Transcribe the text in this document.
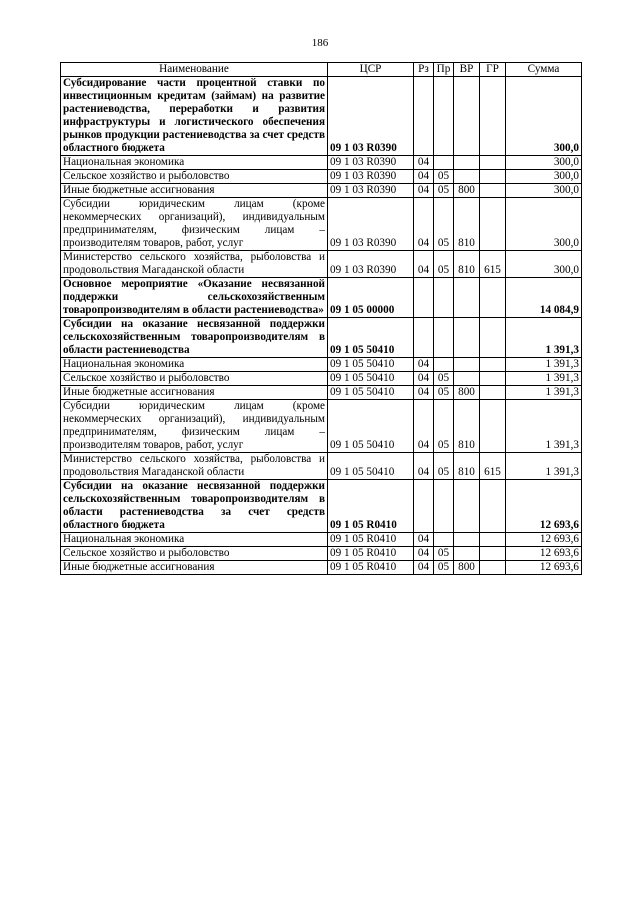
186
Наименование	ЦСР	Рз	Пр	ВР	ГР	Сумма
Субсидирование части процентной ставки по инвестиционным кредитам (займам) на развитие растениеводства, переработки и развития инфраструктуры и логистического обеспечения рынков продукции растениеводства за счет средств областного бюджета	09 1 03 R0390					300,0
Национальная экономика	09 1 03 R0390	04				300,0
Сельское хозяйство и рыболовство	09 1 03 R0390	04	05			300,0
Иные бюджетные ассигнования	09 1 03 R0390	04	05	800		300,0
Субсидии юридическим лицам (кроме некоммерческих организаций), индивидуальным предпринимателям, физическим лицам – производителям товаров, работ, услуг	09 1 03 R0390	04	05	810		300,0
Министерство сельского хозяйства, рыболовства и продовольствия Магаданской области	09 1 03 R0390	04	05	810	615	300,0
Основное мероприятие «Оказание несвязанной поддержки сельскохозяйственным товаропроизводителям в области растениеводства»	09 1 05 00000					14 084,9
Субсидии на оказание несвязанной поддержки сельскохозяйственным товаропроизводителям в области растениеводства	09 1 05 50410					1 391,3
Национальная экономика	09 1 05 50410	04				1 391,3
Сельское хозяйство и рыболовство	09 1 05 50410	04	05			1 391,3
Иные бюджетные ассигнования	09 1 05 50410	04	05	800		1 391,3
Субсидии юридическим лицам (кроме некоммерческих организаций), индивидуальным предпринимателям, физическим лицам – производителям товаров, работ, услуг	09 1 05 50410	04	05	810		1 391,3
Министерство сельского хозяйства, рыболовства и продовольствия Магаданской области	09 1 05 50410	04	05	810	615	1 391,3
Субсидии на оказание несвязанной поддержки сельскохозяйственным товаропроизводителям в области растениеводства за счет средств областного бюджета	09 1 05 R0410					12 693,6
Национальная экономика	09 1 05 R0410	04				12 693,6
Сельское хозяйство и рыболовство	09 1 05 R0410	04	05			12 693,6
Иные бюджетные ассигнования	09 1 05 R0410	04	05	800		12 693,6
